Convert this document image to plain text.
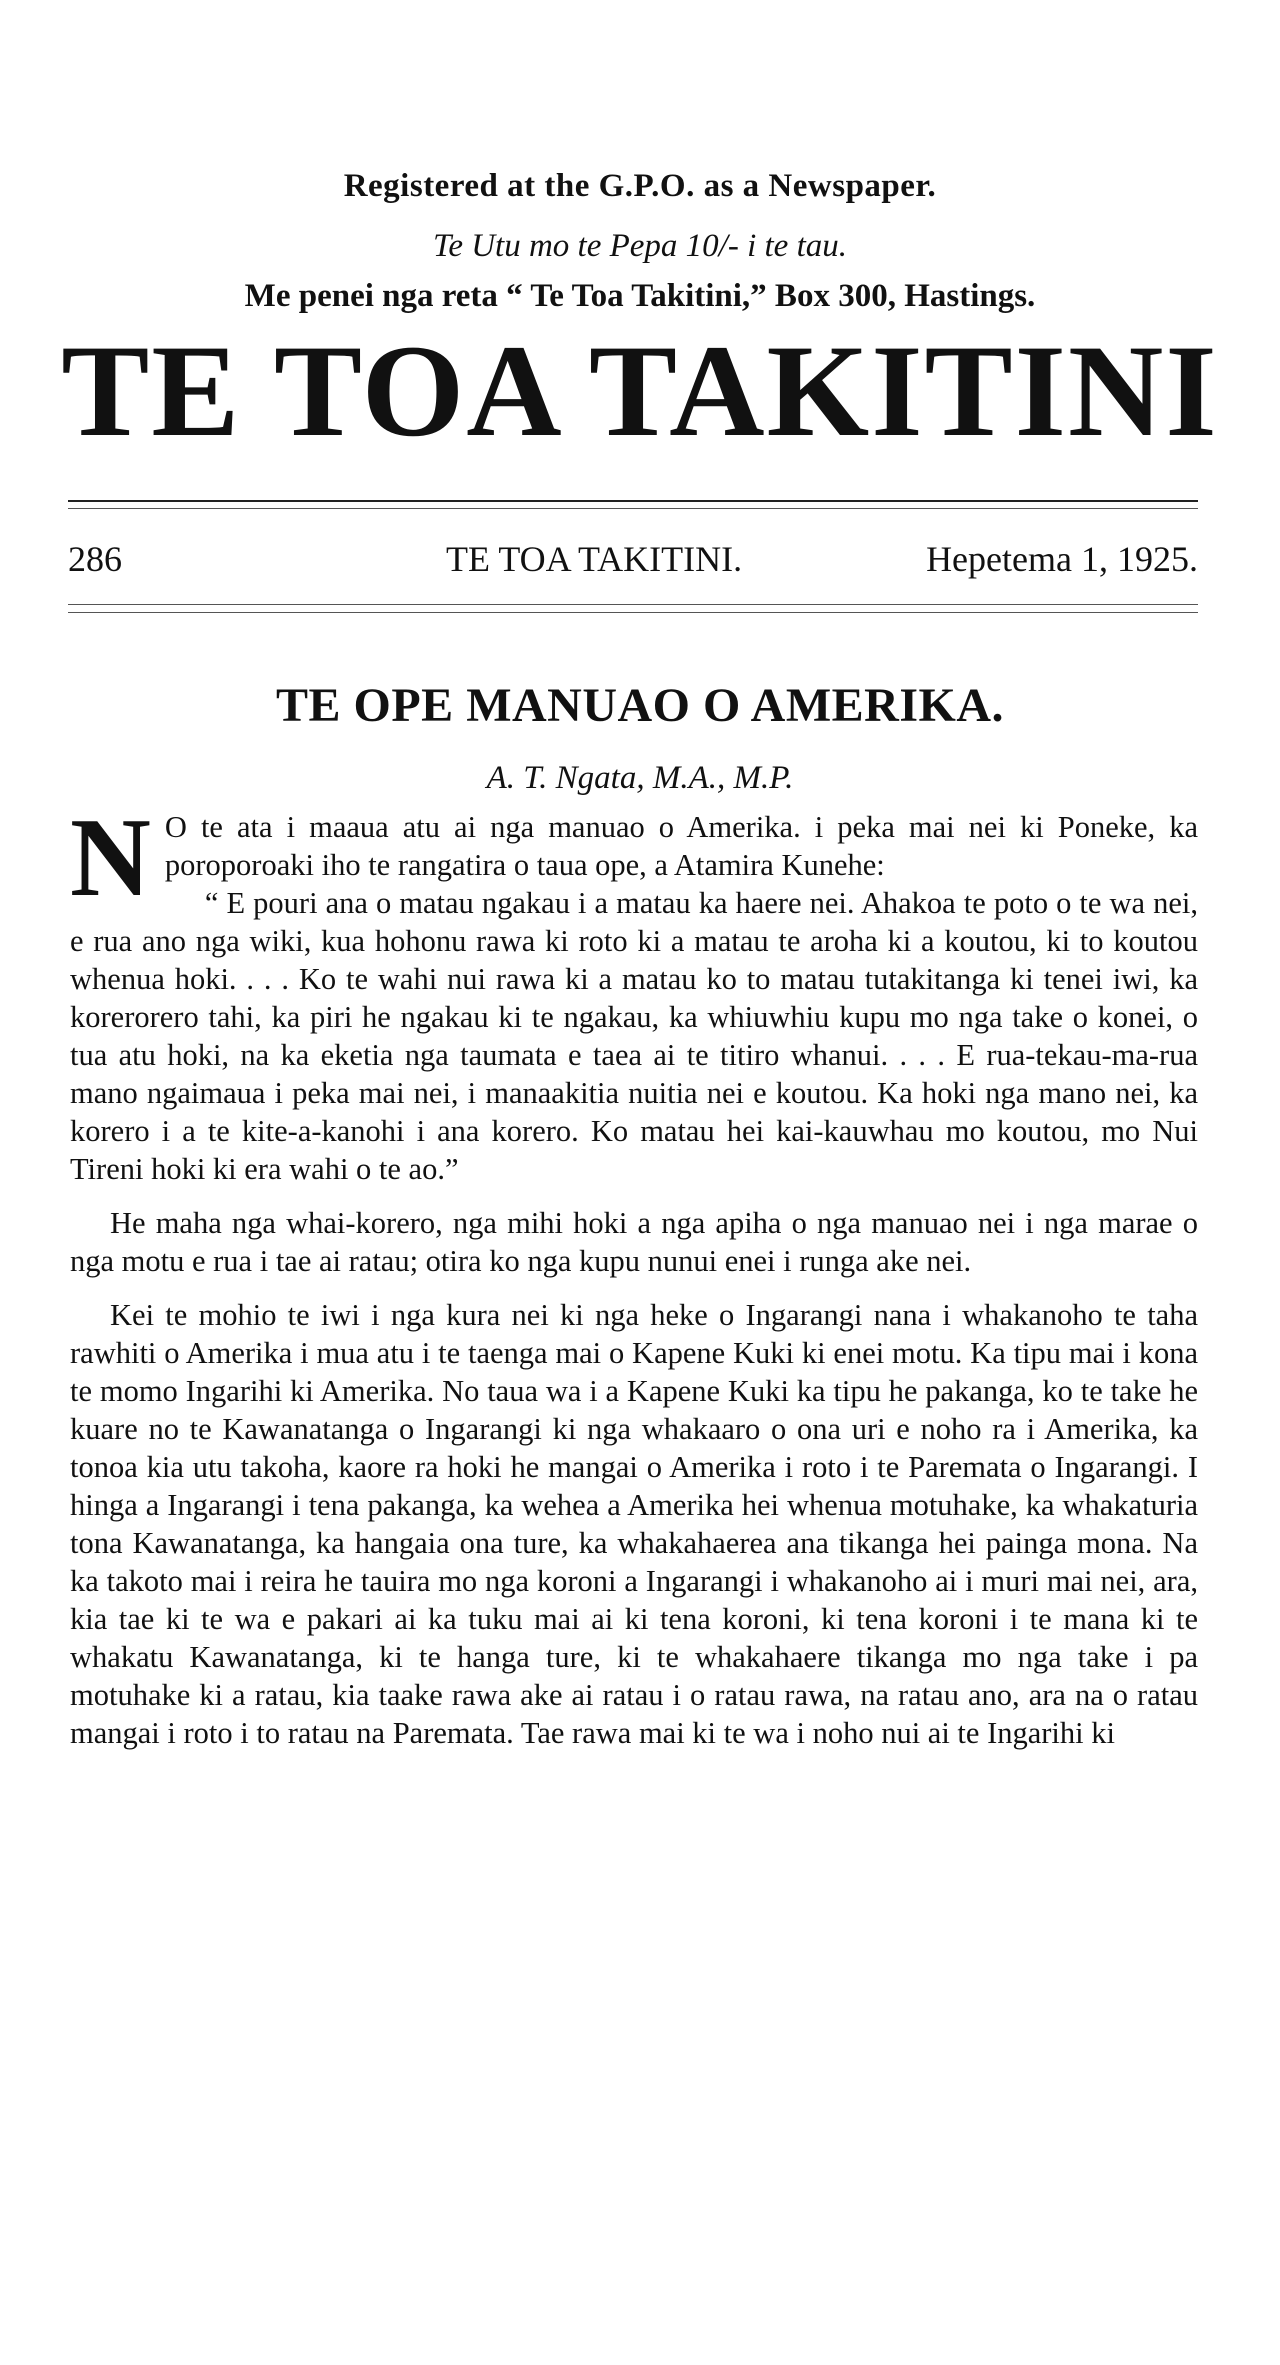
Registered at the G.P.O. as a Newspaper.
Te Utu mo te Pepa 10/- i te tau.
Me penei nga reta “ Te Toa Takitini,” Box 300, Hastings.
TE TOA TAKITINI
286	TE TOA TAKITINI.	Hepetema 1, 1925.
TE OPE MANUAO O AMERIKA.
A. T. Ngata, M.A., M.P.

N O te ata i maaua atu ai nga manuao o Amerika. i peka mai nei ki Poneke, ka poroporoaki iho te rangatira o taua ope, a Atamira Kunehe:

“ E pouri ana o matau ngakau i a matau ka haere nei. Ahakoa te poto o te wa nei, e rua ano nga wiki, kua hohonu rawa ki roto ki a matau te aroha ki a koutou, ki to koutou whenua hoki. . . . Ko te wahi nui rawa ki a matau ko to matau tutakitanga ki tenei iwi, ka korerorero tahi, ka piri he ngakau ki te ngakau, ka whiuwhiu kupu mo nga take o konei, o tua atu hoki, na ka eketia nga taumata e taea ai te titiro whanui. . . . E rua-tekau-ma-rua mano ngaimaua i peka mai nei, i manaakitia nuitia nei e koutou. Ka hoki nga mano nei, ka korero i a te kite-a-kanohi i ana korero. Ko matau hei kai-kauwhau mo koutou, mo Nui Tireni hoki ki era wahi o te ao.”

He maha nga whai-korero, nga mihi hoki a nga apiha o nga manuao nei i nga marae o nga motu e rua i tae ai ratau; otira ko nga kupu nunui enei i runga ake nei.

Kei te mohio te iwi i nga kura nei ki nga heke o Ingarangi nana i whakanoho te taha rawhiti o Amerika i mua atu i te taenga mai o Kapene Kuki ki enei motu. Ka tipu mai i kona te momo Ingarihi ki Amerika. No taua wa i a Kapene Kuki ka tipu he pakanga, ko te take he kuare no te Kawanatanga o Ingarangi ki nga whakaaro o ona uri e noho ra i Amerika, ka tonoa kia utu takoha, kaore ra hoki he mangai o Amerika i roto i te Paremata o Ingarangi. I hinga a Ingarangi i tena pakanga, ka wehea a Amerika hei whenua motuhake, ka whakaturia tona Kawanatanga, ka hangaia ona ture, ka whakahaerea ana tikanga hei painga mona. Na ka takoto mai i reira he tauira mo nga koroni a Ingarangi i whakanoho ai i muri mai nei, ara, kia tae ki te wa e pakari ai ka tuku mai ai ki tena koroni, ki tena koroni i te mana ki te whakatu Kawanatanga, ki te hanga ture, ki te whakahaere tikanga mo nga take i pa motuhake ki a ratau, kia taake rawa ake ai ratau i o ratau rawa, na ratau ano, ara na o ratau mangai i roto i to ratau na Paremata. Tae rawa mai ki te wa i noho nui ai te Ingarihi ki
